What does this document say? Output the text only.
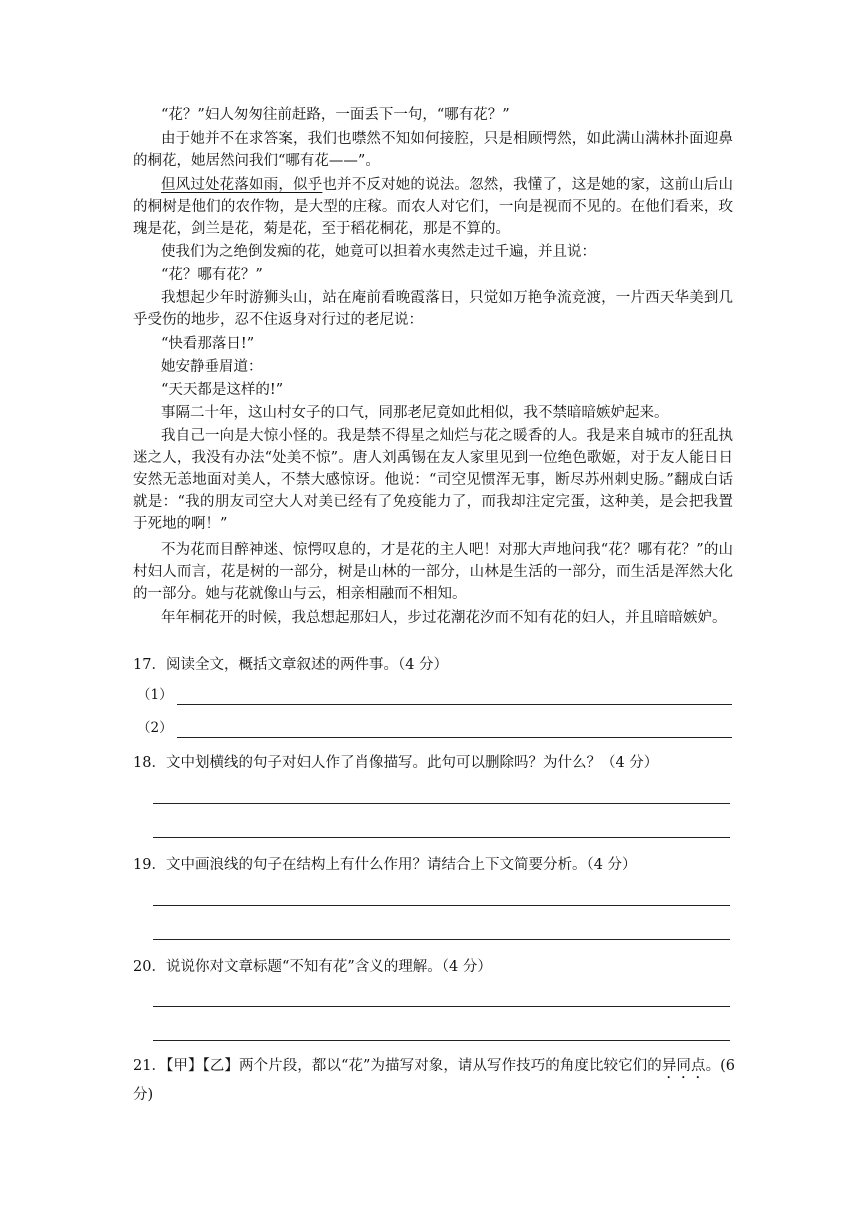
“花？”妇人匆匆往前赶路，一面丢下一句，“哪有花？”

由于她并不在求答案，我们也噤然不知如何接腔，只是相顾愕然，如此满山满林扑面迎鼻的桐花，她居然问我们“哪有花——”。

但风过处花落如雨，似乎也并不反对她的说法。忽然，我懂了，这是她的家，这前山后山的桐树是他们的农作物，是大型的庄稼。而农人对它们，一向是视而不见的。在他们看来，玫瑰是花，剑兰是花，菊是花，至于稻花桐花，那是不算的。

使我们为之绝倒发痴的花，她竟可以担着水夷然走过千遍，并且说：

“花？哪有花？”

我想起少年时游狮头山，站在庵前看晚霞落日，只觉如万艳争流竞渡，一片西天华美到几乎受伤的地步，忍不住返身对行过的老尼说：

“快看那落日!”

她安静垂眉道：

“天天都是这样的!”

事隔二十年，这山村女子的口气，同那老尼竟如此相似，我不禁暗暗嫉妒起来。

我自己一向是大惊小怪的。我是禁不得星之灿烂与花之暖香的人。我是来自城市的狂乱执迷之人，我没有办法“处美不惊”。唐人刘禹锡在友人家里见到一位绝色歌姬，对于友人能日日安然无恙地面对美人，不禁大感惊讶。他说：“司空见惯浑无事，断尽苏州刺史肠。”翻成白话就是：“我的朋友司空大人对美已经有了免疫能力了，而我却注定完蛋，这种美，是会把我置于死地的啊！”

不为花而目醉神迷、惊愕叹息的，才是花的主人吧！对那大声地问我“花？哪有花？”的山村妇人而言，花是树的一部分，树是山林的一部分，山林是生活的一部分，而生活是浑然大化的一部分。她与花就像山与云，相亲相融而不相知。

年年桐花开的时候，我总想起那妇人，步过花潮花汐而不知有花的妇人，并且暗暗嫉妒。

17．阅读全文，概括文章叙述的两件事。（4 分）

（1）
（2）

18．文中划横线的句子对妇人作了肖像描写。此句可以删除吗？为什么？（4 分）

19．文中画浪线的句子在结构上有什么作用？请结合上下文简要分析。（4 分）

20．说说你对文章标题“不知有花”含义的理解。（4 分）

21．【甲】【乙】两个片段，都以“花”为描写对象，请从写作技巧的角度比较它们的异同点。(6 分)
